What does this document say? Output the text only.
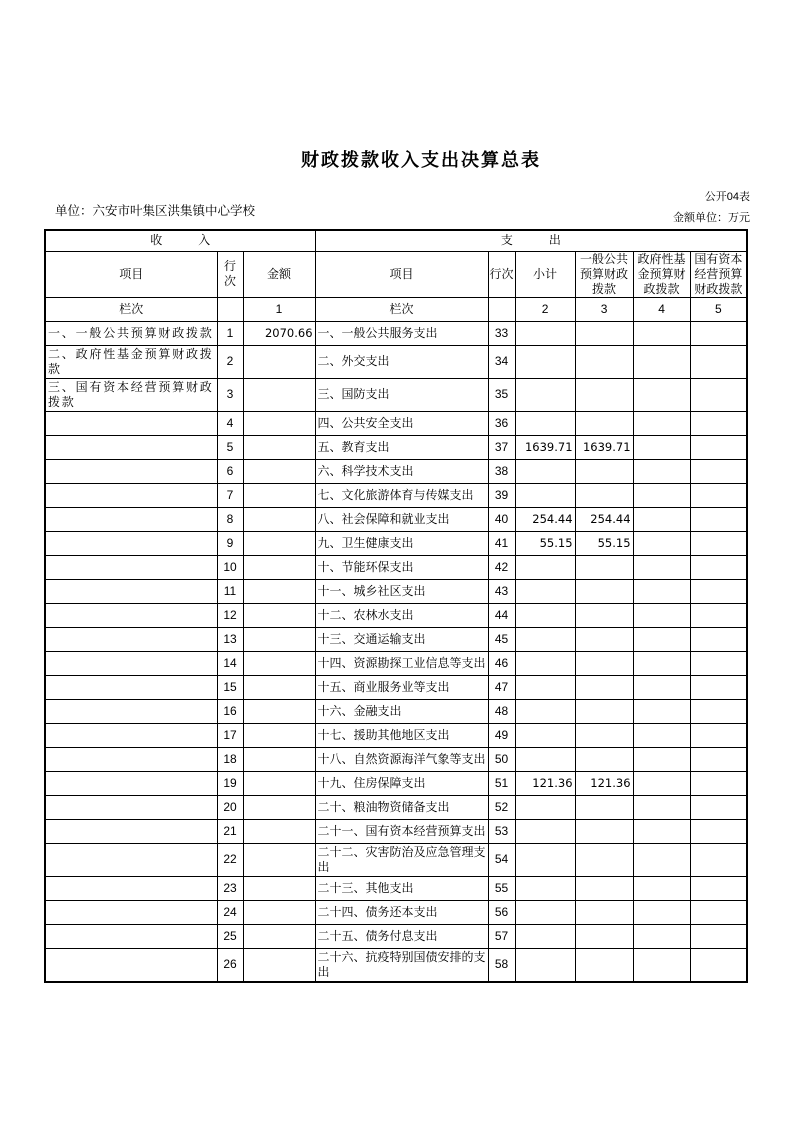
财政拨款收入支出决算总表
公开04表
单位：六安市叶集区洪集镇中心学校	金额单位：万元
收　　　入			支　　　出					
项目	行次	金额	项目	行次	小计	一般公共预算财政拨款	政府性基金预算财政拨款	国有资本经营预算财政拨款
栏次		1	栏次		2	3	4	5
一、一般公共预算财政拨款	1	2070.66	一、一般公共服务支出	33				
二、政府性基金预算财政拨款	2		二、外交支出	34				
三、国有资本经营预算财政拨款	3		三、国防支出	35				
	4		四、公共安全支出	36				
	5		五、教育支出	37	1639.71	1639.71		
	6		六、科学技术支出	38				
	7		七、文化旅游体育与传媒支出	39				
	8		八、社会保障和就业支出	40	254.44	254.44		
	9		九、卫生健康支出	41	55.15	55.15		
	10		十、节能环保支出	42				
	11		十一、城乡社区支出	43				
	12		十二、农林水支出	44				
	13		十三、交通运输支出	45				
	14		十四、资源勘探工业信息等支出	46				
	15		十五、商业服务业等支出	47				
	16		十六、金融支出	48				
	17		十七、援助其他地区支出	49				
	18		十八、自然资源海洋气象等支出	50				
	19		十九、住房保障支出	51	121.36	121.36		
	20		二十、粮油物资储备支出	52				
	21		二十一、国有资本经营预算支出	53				
	22		二十二、灾害防治及应急管理支出	54				
	23		二十三、其他支出	55				
	24		二十四、债务还本支出	56				
	25		二十五、债务付息支出	57				
	26		二十六、抗疫特别国债安排的支出	58				
